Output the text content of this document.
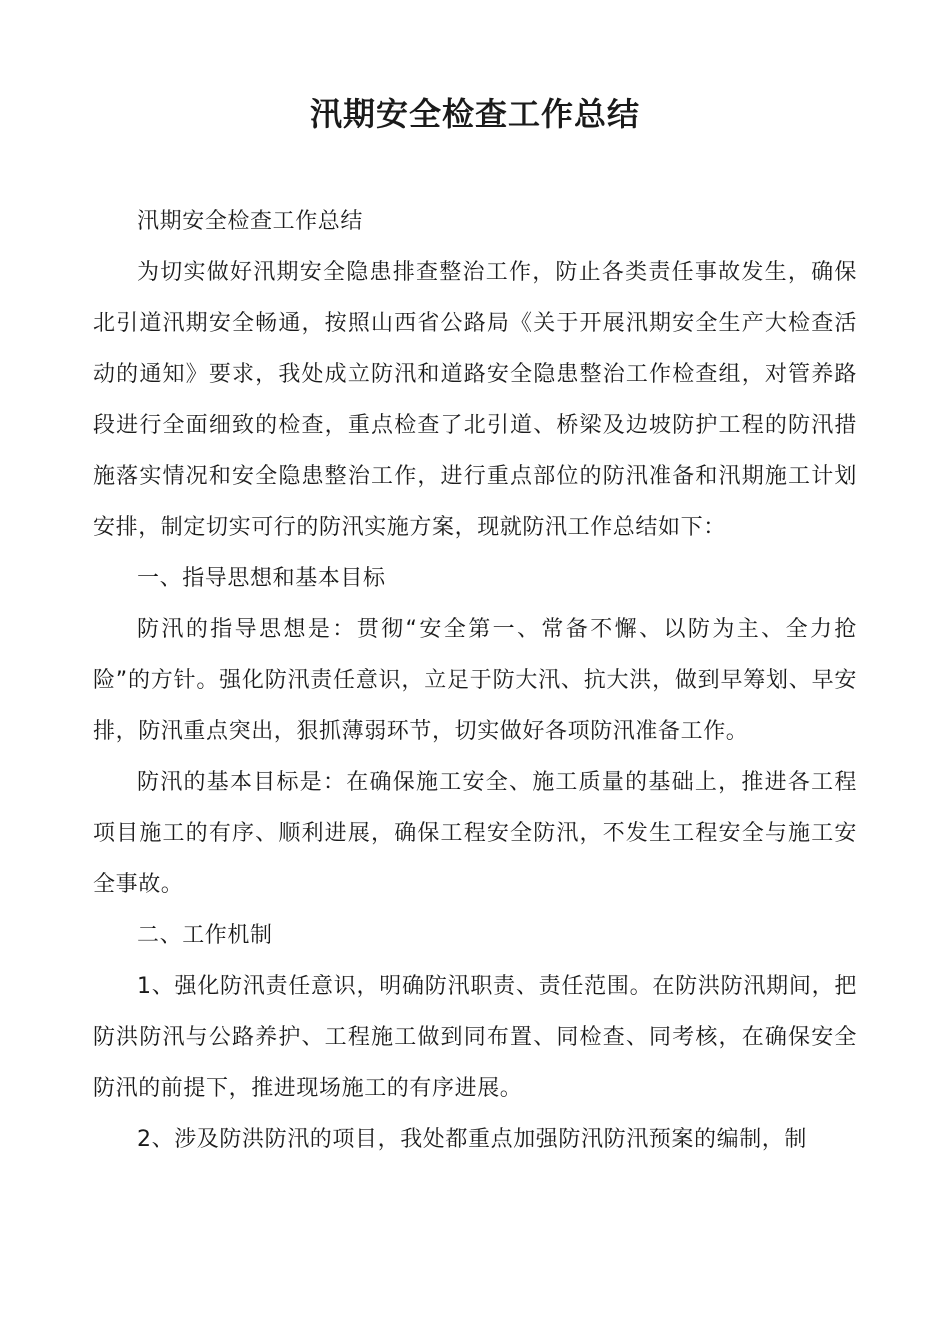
汛期安全检查工作总结

汛期安全检查工作总结

为切实做好汛期安全隐患排查整治工作，防止各类责任事故发生，确保北引道汛期安全畅通，按照山西省公路局《关于开展汛期安全生产大检查活动的通知》要求，我处成立防汛和道路安全隐患整治工作检查组，对管养路段进行全面细致的检查，重点检查了北引道、桥梁及边坡防护工程的防汛措施落实情况和安全隐患整治工作，进行重点部位的防汛准备和汛期施工计划安排，制定切实可行的防汛实施方案，现就防汛工作总结如下：

一、指导思想和基本目标

防汛的指导思想是：贯彻“安全第一、常备不懈、以防为主、全力抢险”的方针。强化防汛责任意识，立足于防大汛、抗大洪，做到早筹划、早安排，防汛重点突出，狠抓薄弱环节，切实做好各项防汛准备工作。

防汛的基本目标是：在确保施工安全、施工质量的基础上，推进各工程项目施工的有序、顺利进展，确保工程安全防汛，不发生工程安全与施工安全事故。

二、工作机制

1、强化防汛责任意识，明确防汛职责、责任范围。在防洪防汛期间，把防洪防汛与公路养护、工程施工做到同布置、同检查、同考核，在确保安全防汛的前提下，推进现场施工的有序进展。

2、涉及防洪防汛的项目，我处都重点加强防汛防汛预案的编制，制
